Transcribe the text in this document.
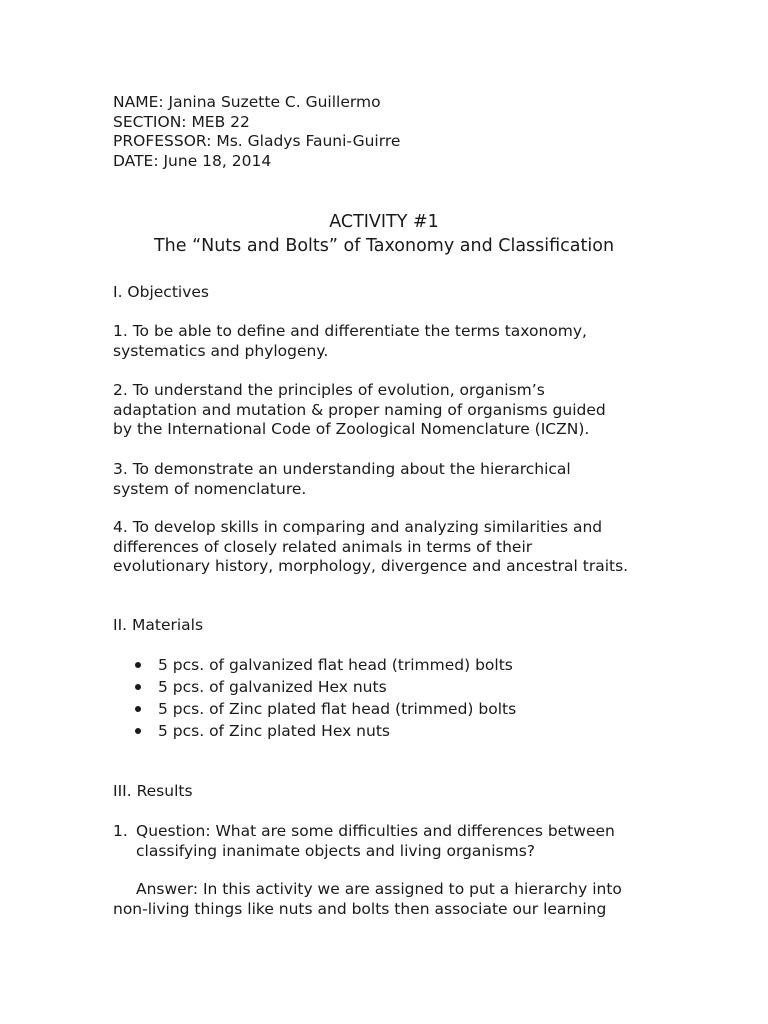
NAME: Janina Suzette C. Guillermo
SECTION: MEB 22
PROFESSOR: Ms. Gladys Fauni-Guirre
DATE: June 18, 2014
ACTIVITY #1
The “Nuts and Bolts” of Taxonomy and Classification
I. Objectives
1. To be able to define and differentiate the terms taxonomy,
systematics and phylogeny.
2. To understand the principles of evolution, organism’s
adaptation and mutation & proper naming of organisms guided
by the International Code of Zoological Nomenclature (ICZN).
3. To demonstrate an understanding about the hierarchical
system of nomenclature.
4. To develop skills in comparing and analyzing similarities and
differences of closely related animals in terms of their
evolutionary history, morphology, divergence and ancestral traits.
II. Materials
5 pcs. of galvanized flat head (trimmed) bolts
5 pcs. of galvanized Hex nuts
5 pcs. of Zinc plated flat head (trimmed) bolts
5 pcs. of Zinc plated Hex nuts
III. Results
1. Question: What are some difficulties and differences between
classifying inanimate objects and living organisms?
Answer: In this activity we are assigned to put a hierarchy into
non-living things like nuts and bolts then associate our learning
